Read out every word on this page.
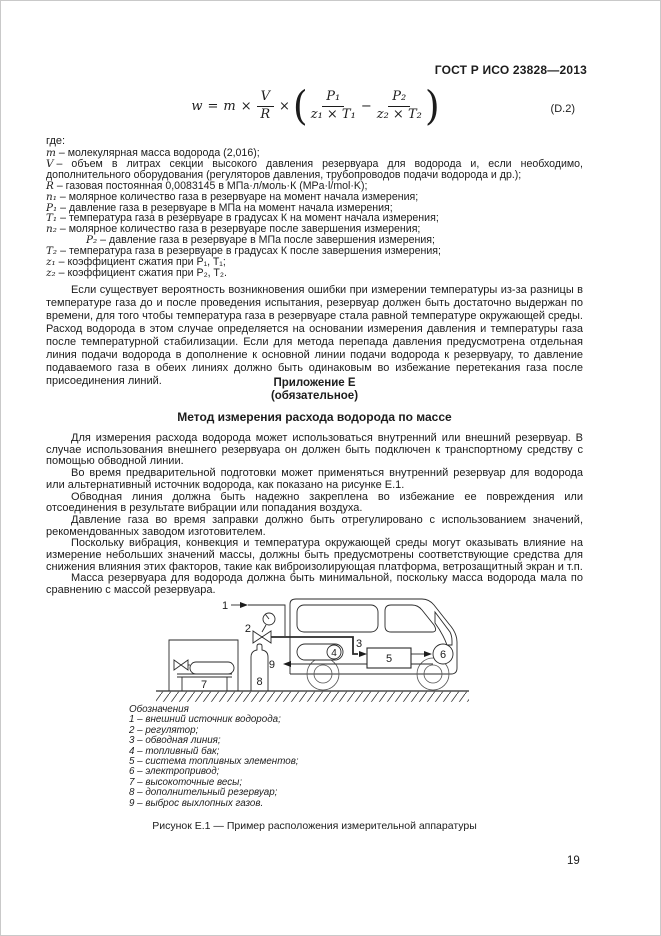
ГОСТ Р ИСО 23828—2013
$w = m \times \frac{V}{R}$ × ( $\frac{\text{P₁}}{\text{z₁ × T₁}} - \frac{\text{P₂}}{\text{z₂ × T₂}}$ )	(D.2)
где:
m – молекулярная масса водорода (2,016);
V – объем в литрах секции высокого давления резервуара для водорода и, если необходимо, дополнительного оборудования (регуляторов давления, трубопроводов подачи водорода и др.);
R – газовая постоянная 0,0083145 в МПа·л/моль·К (MPa·l/mol·K);
n₁ – молярное количество газа в резервуаре на момент начала измерения;
P₁ – давление газа в резервуаре в МПа на момент начала измерения;
T₁ – температура газа в резервуаре в градусах К на момент начала измерения;
n₂ – молярное количество газа в резервуаре после завершения измерения;
P₂ – давление газа в резервуаре в МПа после завершения измерения;
T₂ – температура газа в резервуаре в градусах К после завершения измерения;
z₁ – коэффициент сжатия при P₁, T₁;
z₂ – коэффициент сжатия при P₂, T₂.
Если существует вероятность возникновения ошибки при измерении температуры из-за разницы в температуре газа до и после проведения испытания, резервуар должен быть достаточно выдержан по времени, для того чтобы температура газа в резервуаре стала равной температуре окружающей среды. Расход водорода в этом случае определяется на основании измерения давления и температуры газа после температурной стабилизации. Если для метода перепада давления предусмотрена отдельная линия подачи водорода в дополнение к основной линии подачи водорода к резервуару, то давление подаваемого газа в обеих линиях должно быть одинаковым во избежание перетекания газа после присоединения линий.	Приложение Е
(обязательное)
Метод измерения расхода водорода по массе

Для измерения расхода водорода может использоваться внутренний или внешний резервуар. В случае использования внешнего резервуара он должен быть подключен к транспортному средству с помощью обводной линии.

Во время предварительной подготовки может применяться внутренний резервуар для водорода или альтернативный источник водорода, как показано на рисунке Е.1.

Обводная линия должна быть надежно закреплена во избежание ее повреждения или отсоединения в результате вибрации или попадания воздуха.

Давление газа во время заправки должно быть отрегулировано с использованием значений, рекомендованных заводом изготовителем.

Поскольку вибрация, конвекция и температура окружающей среды могут оказывать влияние на измерение небольших значений массы, должны быть предусмотрены соответствующие средства для снижения влияния этих факторов, такие как виброизолирующая платформа, ветрозащитный экран и т.п.

Масса резервуара для водорода должна быть минимальной, поскольку масса водорода мала по сравнению с массой резервуара.

1
2
3
4	5	6
7	8
9
Обозначения
1 – внешний источник водорода;
2 – регулятор;
3 – обводная линия;
4 – топливный бак;
5 – система топливных элементов;
6 – электропривод;
7 – высокоточные весы;
8 – дополнительный резервуар;
9 – выброс выхлопных газов.
Рисунок Е.1 — Пример расположения измерительной аппаратуры
19
